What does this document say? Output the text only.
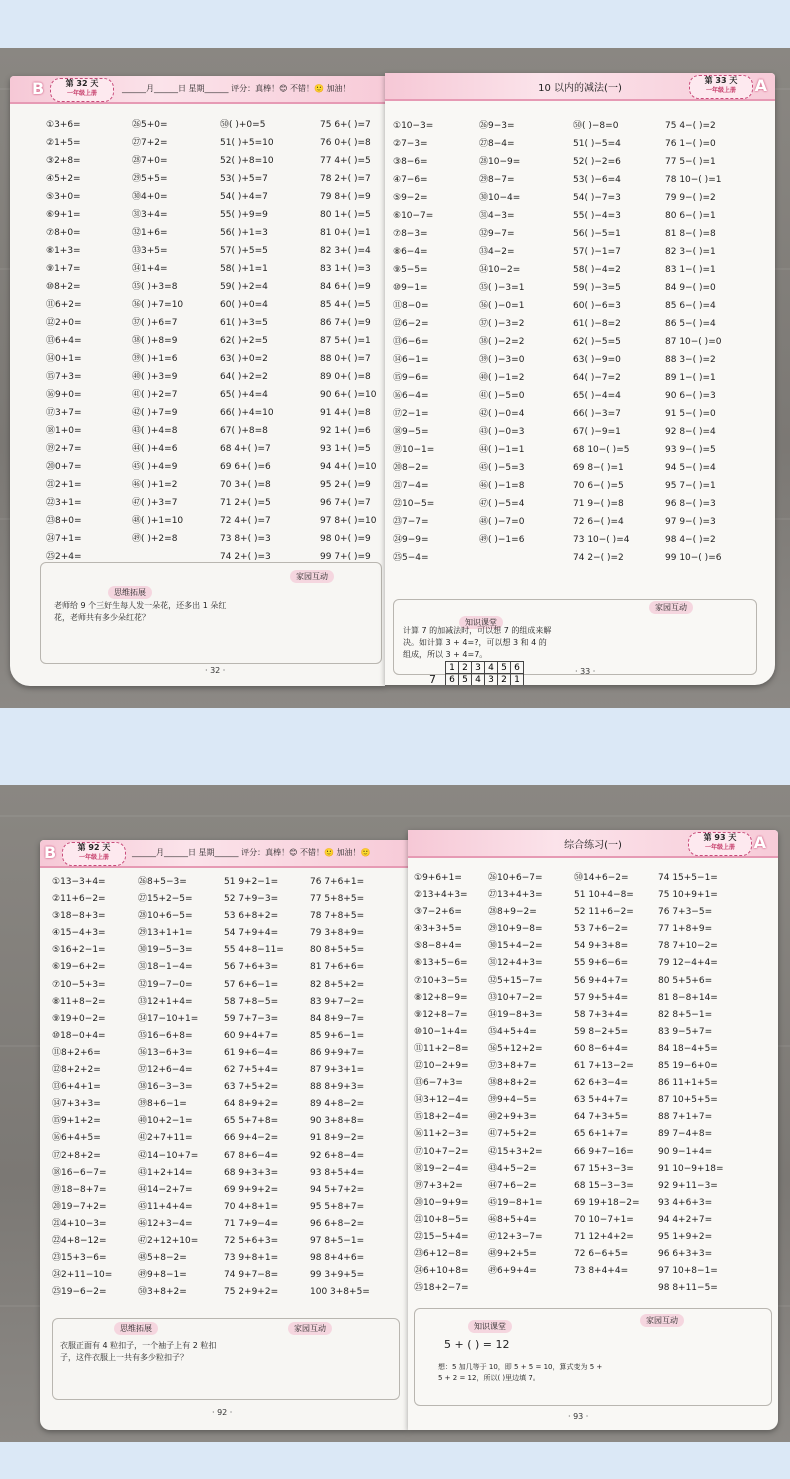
B	第 32 天
一年级上册
______月______日 星期______ 评分：真棒！😊 不错！🙂 加油！
①3+6=
②1+5=
③2+8=
④5+2=
⑤3+0=
⑥9+1=
⑦8+0=
⑧1+3=
⑨1+7=
⑩8+2=
⑪6+2=
⑫2+0=
⑬6+4=
⑭0+1=
⑮7+3=
⑯9+0=
⑰3+7=
⑱1+0=
⑲2+7=
⑳0+7=
㉑2+1=
㉒3+1=
㉓8+0=
㉔7+1=
㉕2+4=
㉖5+0=
㉗7+2=
㉘7+0=
㉙5+5=
㉚4+0=
㉛3+4=
㉜1+6=
㉝3+5=
㉞1+4=
㉟( )+3=8
㊱( )+7=10
㊲( )+6=7
㊳( )+8=9
㊴( )+1=6
㊵( )+3=9
㊶( )+2=7
㊷( )+7=9
㊸( )+4=8
㊹( )+4=6
㊺( )+4=9
㊻( )+1=2
㊼( )+3=7
㊽( )+1=10
㊾( )+2=8
㊿( )+0=5
51( )+5=10
52( )+8=10
53( )+5=7
54( )+4=7
55( )+9=9
56( )+1=3
57( )+5=5
58( )+1=1
59( )+2=4
60( )+0=4
61( )+3=5
62( )+2=5
63( )+0=2
64( )+2=2
65( )+4=4
66( )+4=10
67( )+8=8
68 4+( )=7
69 6+( )=6
70 3+( )=8
71 2+( )=5
72 4+( )=7
73 8+( )=3
74 2+( )=3
75 6+( )=7
76 0+( )=8
77 4+( )=5
78 2+( )=7
79 8+( )=9
80 1+( )=5
81 0+( )=1
82 3+( )=4
83 1+( )=3
84 6+( )=9
85 4+( )=5
86 7+( )=9
87 5+( )=1
88 0+( )=7
89 0+( )=8
90 6+( )=10
91 4+( )=8
92 1+( )=6
93 1+( )=5
94 4+( )=10
95 2+( )=9
96 7+( )=7
97 8+( )=10
98 0+( )=9
99 7+( )=9
思维拓展
家园互动
老师给 9 个三好生每人发一朵花，还多出 1 朵红花，老师共有多少朵红花？
· 32 ·
10 以内的减法(一)
第 33 天
一年级上册	A
①10−3=
②7−3=
③8−6=
④7−6=
⑤9−2=
⑥10−7=
⑦8−3=
⑧6−4=
⑨5−5=
⑩9−1=
⑪8−0=
⑫6−2=
⑬6−6=
⑭6−1=
⑮9−6=
⑯6−4=
⑰2−1=
⑱9−5=
⑲10−1=
⑳8−2=
㉑7−4=
㉒10−5=
㉓7−7=
㉔9−9=
㉕5−4=
㉖9−3=
㉗8−4=
㉘10−9=
㉙8−7=
㉚10−4=
㉛4−3=
㉜9−7=
㉝4−2=
㉞10−2=
㉟( )−3=1
㊱( )−0=1
㊲( )−3=2
㊳( )−2=2
㊴( )−3=0
㊵( )−1=2
㊶( )−5=0
㊷( )−0=4
㊸( )−0=3
㊹( )−1=1
㊺( )−5=3
㊻( )−1=8
㊼( )−5=4
㊽( )−7=0
㊾( )−1=6
㊿( )−8=0
51( )−5=4
52( )−2=6
53( )−6=4
54( )−7=3
55( )−4=3
56( )−5=1
57( )−1=7
58( )−4=2
59( )−3=5
60( )−6=3
61( )−8=2
62( )−5=5
63( )−9=0
64( )−7=2
65( )−4=4
66( )−3=7
67( )−9=1
68 10−( )=5
69 8−( )=1
70 6−( )=5
71 9−( )=8
72 6−( )=4
73 10−( )=4
74 2−( )=2
75 4−( )=2
76 1−( )=0
77 5−( )=1
78 10−( )=1
79 9−( )=2
80 6−( )=1
81 8−( )=8
82 3−( )=1
83 1−( )=1
84 9−( )=0
85 6−( )=4
86 5−( )=4
87 10−( )=0
88 3−( )=2
89 1−( )=1
90 6−( )=3
91 5−( )=0
92 8−( )=4
93 9−( )=5
94 5−( )=4
95 7−( )=1
96 8−( )=3
97 9−( )=3
98 4−( )=2
99 10−( )=6
知识课堂
家园互动
计算 7 的加减法时，可以想 7 的组成来解决。如计算 3 + 4=?，可以想 3 和 4 的组成，所以 3 + 4=7。
7
1	2	3	4	5	6
6	5	4	3	2	1
· 33 ·
B	第 92 天
一年级上册
______月______日 星期______ 评分：真棒！😊 不错！🙂 加油！🙂
①13−3+4=
②11+6−2=
③18−8+3=
④15−4+3=
⑤16+2−1=
⑥19−6+2=
⑦10−5+3=
⑧11+8−2=
⑨19+0−2=
⑩18−0+4=
⑪8+2+6=
⑫8+2+2=
⑬6+4+1=
⑭7+3+3=
⑮9+1+2=
⑯6+4+5=
⑰2+8+2=
⑱16−6−7=
⑲18−8+7=
⑳19−7+2=
㉑4+10−3=
㉒4+8−12=
㉓15+3−6=
㉔2+11−10=
㉕19−6−2=
㉖8+5−3=
㉗15+2−5=
㉘10+6−5=
㉙13+1+1=
㉚19−5−3=
㉛18−1−4=
㉜19−7−0=
㉝12+1+4=
㉞17−10+1=
㉟16−6+8=
㊱13−6+3=
㊲12+6−4=
㊳16−3−3=
㊴8+6−1=
㊵10+2−1=
㊶2+7+11=
㊷14−10+7=
㊸1+2+14=
㊹14−2+7=
㊺11+4+4=
㊻12+3−4=
㊼2+12+10=
㊽5+8−2=
㊾9+8−1=
㊿3+8+2=
51 9+2−1=
52 7+9−3=
53 6+8+2=
54 7+9+4=
55 4+8−11=
56 7+6+3=
57 6+6−1=
58 7+8−5=
59 7+7−3=
60 9+4+7=
61 9+6−4=
62 7+5+4=
63 7+5+2=
64 8+9+2=
65 5+7+8=
66 9+4−2=
67 8+6−4=
68 9+3+3=
69 9+9+2=
70 4+8+1=
71 7+9−4=
72 5+6+3=
73 9+8+1=
74 9+7−8=
75 2+9+2=
76 7+6+1=
77 5+8+5=
78 7+8+5=
79 3+8+9=
80 8+5+5=
81 7+6+6=
82 8+5+2=
83 9+7−2=
84 8+9−7=
85 9+6−1=
86 9+9+7=
87 9+3+1=
88 8+9+3=
89 4+8−2=
90 3+8+8=
91 8+9−2=
92 6+8−4=
93 8+5+4=
94 5+7+2=
95 5+8+7=
96 6+8−2=
97 8+5−1=
98 8+4+6=
99 3+9+5=
100 3+8+5=
思维拓展	家园互动
衣服正面有 4 粒扣子，一个袖子上有 2 粒扣子，这件衣服上一共有多少粒扣子？
· 92 ·
综合练习(一)
第 93 天
一年级上册	A
①9+6+1=
②13+4+3=
③7−2+6=
④3+3+5=
⑤8−8+4=
⑥13+5−6=
⑦10+3−5=
⑧12+8−9=
⑨12+8−7=
⑩10−1+4=
⑪11+2−8=
⑫10−2+9=
⑬6−7+3=
⑭3+12−4=
⑮18+2−4=
⑯11+2−3=
⑰10+7−2=
⑱19−2−4=
⑲7+3+2=
⑳10−9+9=
㉑10+8−5=
㉒15−5+4=
㉓6+12−8=
㉔6+10+8=
㉕18+2−7=
㉖10+6−7=
㉗13+4+3=
㉘8+9−2=
㉙10+9−8=
㉚15+4−2=
㉛12+4+3=
㉜5+15−7=
㉝10+7−2=
㉞19−8+3=
㉟4+5+4=
㊱5+12+2=
㊲3+8+7=
㊳8+8+2=
㊴9+4−5=
㊵2+9+3=
㊶7+5+2=
㊷15+3+2=
㊸4+5−2=
㊹7+6−2=
㊺19−8+1=
㊻8+5+4=
㊼12+3−7=
㊽9+2+5=
㊾6+9+4=
㊿14+6−2=
51 10+4−8=
52 11+6−2=
53 7+6−2=
54 9+3+8=
55 9+6−6=
56 9+4+7=
57 9+5+4=
58 7+3+4=
59 8−2+5=
60 8−6+4=
61 7+13−2=
62 6+3−4=
63 5+4+7=
64 7+3+5=
65 6+1+7=
66 9+7−16=
67 15+3−3=
68 15−3−3=
69 19+18−2=
70 10−7+1=
71 12+4+2=
72 6−6+5=
73 8+4+4=
74 15+5−1=
75 10+9+1=
76 7+3−5=
77 1+8+9=
78 7+10−2=
79 12−4+4=
80 5+5+6=
81 8−8+14=
82 8+5−1=
83 9−5+7=
84 18−4+5=
85 19−6+0=
86 11+1+5=
87 10+5+5=
88 7+1+7=
89 7−4+8=
90 9−1+4=
91 10−9+18=
92 9+11−3=
93 4+6+3=
94 4+2+7=
95 1+9+2=
96 6+3+3=
97 10+8−1=
98 8+11−5=
知识课堂
家园互动
5 + ( ) = 12
想：5 加几等于 10，即 5 + 5 = 10，算式变为 5 + 5 + 2 = 12，所以( )里边填 7。
· 93 ·
